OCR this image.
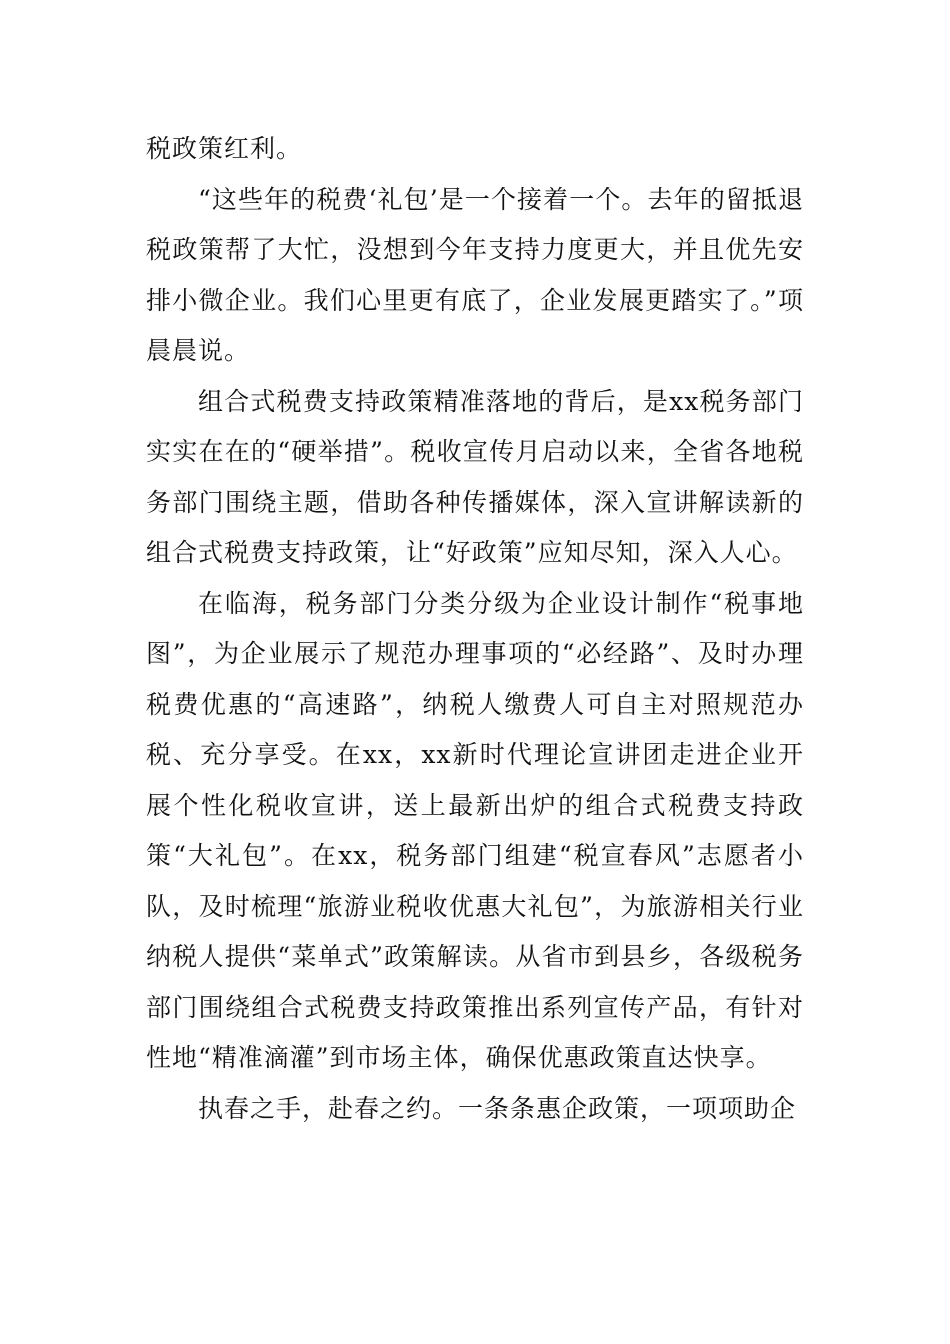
税政策红利。

“这些年的税费‘礼包’是一个接着一个。去年的留抵退税政策帮了大忙，没想到今年支持力度更大，并且优先安排小微企业。我们心里更有底了，企业发展更踏实了。”项晨晨说。

组合式税费支持政策精准落地的背后，是xx税务部门实实在在的“硬举措”。税收宣传月启动以来，全省各地税务部门围绕主题，借助各种传播媒体，深入宣讲解读新的组合式税费支持政策，让“好政策”应知尽知，深入人心。

在临海，税务部门分类分级为企业设计制作“税事地图”，为企业展示了规范办理事项的“必经路”、及时办理税费优惠的“高速路”，纳税人缴费人可自主对照规范办税、充分享受。在xx，xx新时代理论宣讲团走进企业开展个性化税收宣讲，送上最新出炉的组合式税费支持政策“大礼包”。在xx，税务部门组建“税宣春风”志愿者小队，及时梳理“旅游业税收优惠大礼包”，为旅游相关行业纳税人提供“菜单式”政策解读。从省市到县乡，各级税务部门围绕组合式税费支持政策推出系列宣传产品，有针对性地“精准滴灌”到市场主体，确保优惠政策直达快享。

执春之手，赴春之约。一条条惠企政策，一项项助企
